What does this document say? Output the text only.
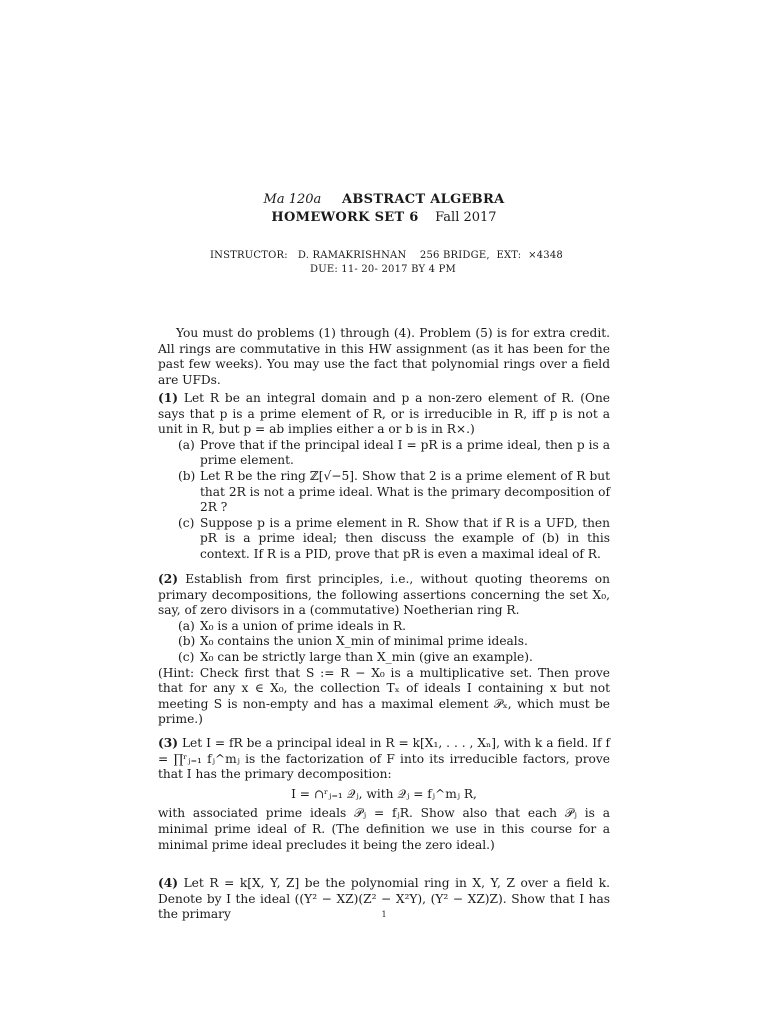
Ma 120a ABSTRACT ALGEBRA
HOMEWORK SET 6 Fall 2017
INSTRUCTOR:   D. RAMAKRISHNAN    256 BRIDGE,  EXT:  ×4348
DUE: 11- 20- 2017 BY 4 PM
You must do problems (1) through (4). Problem (5) is for extra credit. All rings are commutative in this HW assignment (as it has been for the past few weeks). You may use the fact that polynomial rings over a field are UFDs.
(1) Let R be an integral domain and p a non-zero element of R. (One says that p is a prime element of R, or is irreducible in R, iff p is not a unit in R, but p = ab implies either a or b is in R×.)
(a) Prove that if the principal ideal I = pR is a prime ideal, then p is a prime element.
(b) Let R be the ring ℤ[√−5]. Show that 2 is a prime element of R but that 2R is not a prime ideal. What is the primary decomposition of 2R ?
(c) Suppose p is a prime element in R. Show that if R is a UFD, then pR is a prime ideal; then discuss the example of (b) in this context. If R is a PID, prove that pR is even a maximal ideal of R.
(2) Establish from first principles, i.e., without quoting theorems on primary decompositions, the following assertions concerning the set X₀, say, of zero divisors in a (commutative) Noetherian ring R.
(a) X₀ is a union of prime ideals in R.
(b) X₀ contains the union X_min of minimal prime ideals.
(c) X₀ can be strictly large than X_min (give an example).
(Hint: Check first that S := R − X₀ is a multiplicative set. Then prove that for any x ∈ X₀, the collection Tₓ of ideals I containing x but not meeting S is non-empty and has a maximal element 𝒫ₓ, which must be prime.)
(3) Let I = fR be a principal ideal in R = k[X₁, . . . , Xₙ], with k a field. If f = ∏ʳⱼ₌₁ fⱼ^mⱼ is the factorization of F into its irreducible factors, prove that I has the primary decomposition:
I = ∩ʳⱼ₌₁ 𝒬ⱼ, with 𝒬ⱼ = fⱼ^mⱼ R,
with associated prime ideals 𝒫ⱼ = fⱼR. Show also that each 𝒫ⱼ is a minimal prime ideal of R. (The definition we use in this course for a minimal prime ideal precludes it being the zero ideal.)
(4) Let R = k[X, Y, Z] be the polynomial ring in X, Y, Z over a field k. Denote by I the ideal ((Y² − XZ)(Z² − X²Y), (Y² − XZ)Z). Show that I has the primary	1
